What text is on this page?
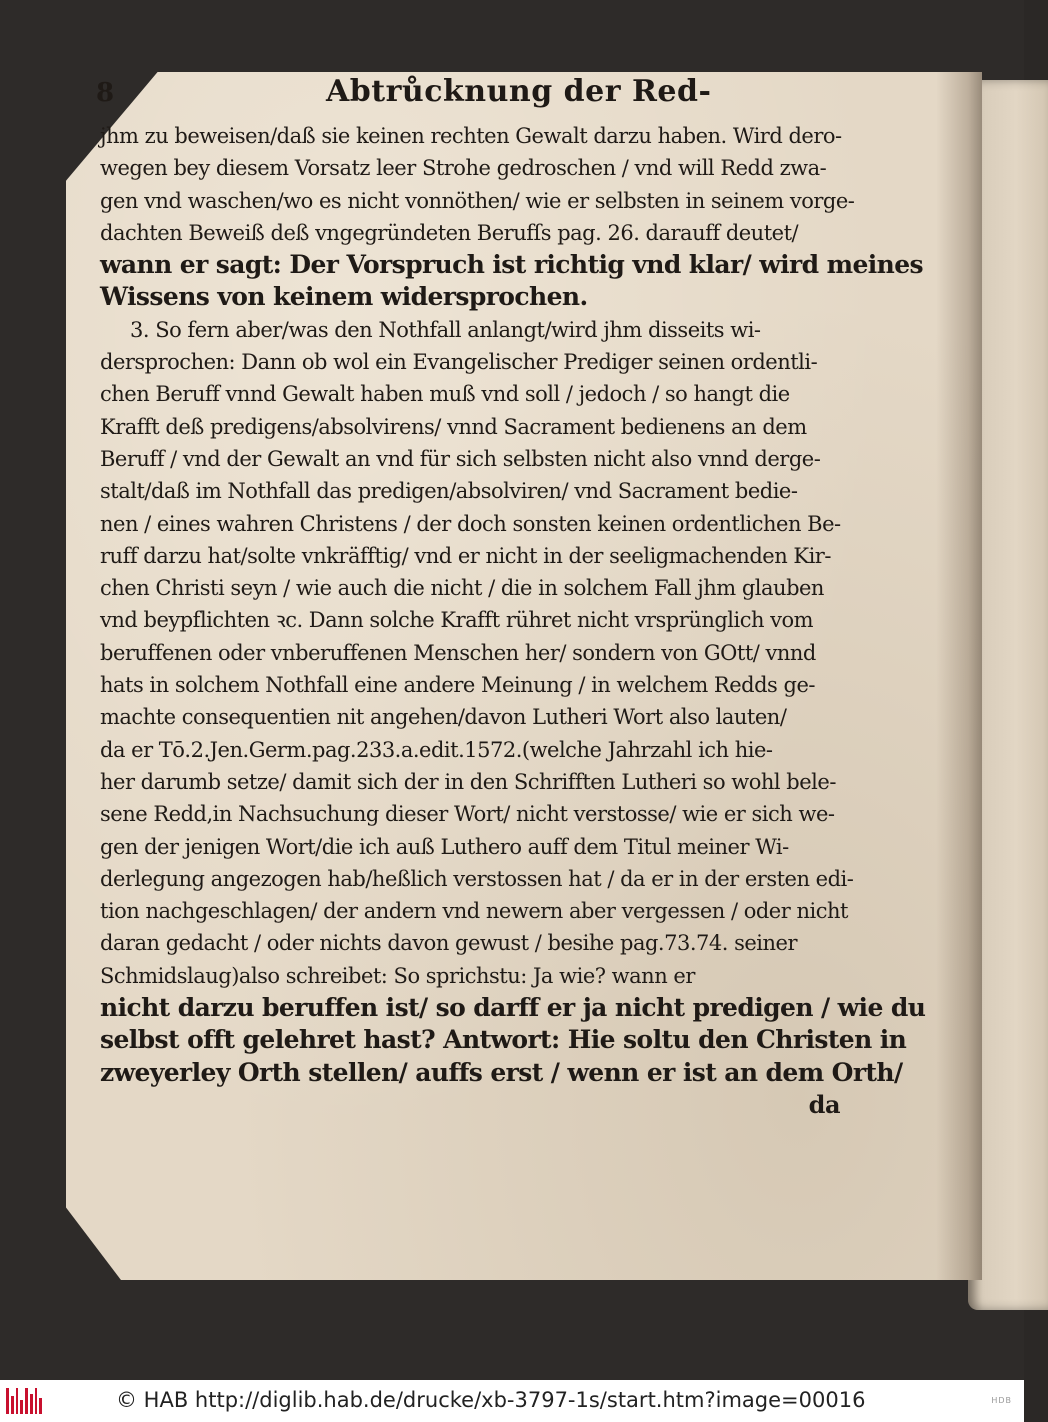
8	Abtrůcknung der Red-
jhm zu beweisen/daß sie keinen rechten Gewalt darzu haben. Wird dero-
wegen bey diesem Vorsatz leer Strohe gedroschen / vnd will Redd zwa-
gen vnd waschen/wo es nicht vonnöthen/ wie er selbsten in seinem vorge-
dachten Beweiß deß vngegründeten Berufſs pag. 26. darauff deutet/
wann er sagt: Der Vorspruch ist richtig vnd klar/ wird meines
Wissens von keinem widersprochen.
3. So fern aber/was den Nothfall anlangt/wird jhm disseits wi-
dersprochen: Dann ob wol ein Evangelischer Prediger seinen ordentli-
chen Beruff vnnd Gewalt haben muß vnd soll / jedoch / so hangt die
Krafft deß predigens/absolvirens/ vnnd Sacrament bedienens an dem
Beruff / vnd der Gewalt an vnd für sich selbsten nicht also vnnd derge-
stalt/daß im Nothfall das predigen/absolviren/ vnd Sacrament bedie-
nen / eines wahren Christens / der doch sonsten keinen ordentlichen Be-
ruff darzu hat/solte vnkräfftig/ vnd er nicht in der seeligmachenden Kir-
chen Christi seyn / wie auch die nicht / die in solchem Fall jhm glauben
vnd beypflichten ꝛc. Dann solche Krafft rühret nicht vrsprünglich vom
beruffenen oder vnberuffenen Menschen her/ sondern von GOtt/ vnnd
hats in solchem Nothfall eine andere Meinung / in welchem Redds ge-
machte consequentien nit angehen/davon Lutheri Wort also lauten/
da er Tō.2.Jen.Germ.pag.233.a.edit.1572.(welche Jahrzahl ich hie-
her darumb setze/ damit sich der in den Schrifften Lutheri so wohl bele-
sene Redd,in Nachsuchung dieser Wort/ nicht verstosse/ wie er sich we-
gen der jenigen Wort/die ich auß Luthero auff dem Titul meiner Wi-
derlegung angezogen hab/heßlich verstossen hat / da er in der ersten edi-
tion nachgeschlagen/ der andern vnd newern aber vergessen / oder nicht
daran gedacht / oder nichts davon gewust / besihe pag.73.74. seiner
Schmidslaug)also schreibet: So sprichstu: Ja wie? wann er
nicht darzu beruffen ist/ so darff er ja nicht predigen / wie du
selbst offt gelehret hast? Antwort: Hie soltu den Christen in
zweyerley Orth stellen/ auffs erst / wenn er ist an dem Orth/
da
© HAB http://diglib.hab.de/drucke/xb-3797-1s/start.htm?image=00016	HDB
